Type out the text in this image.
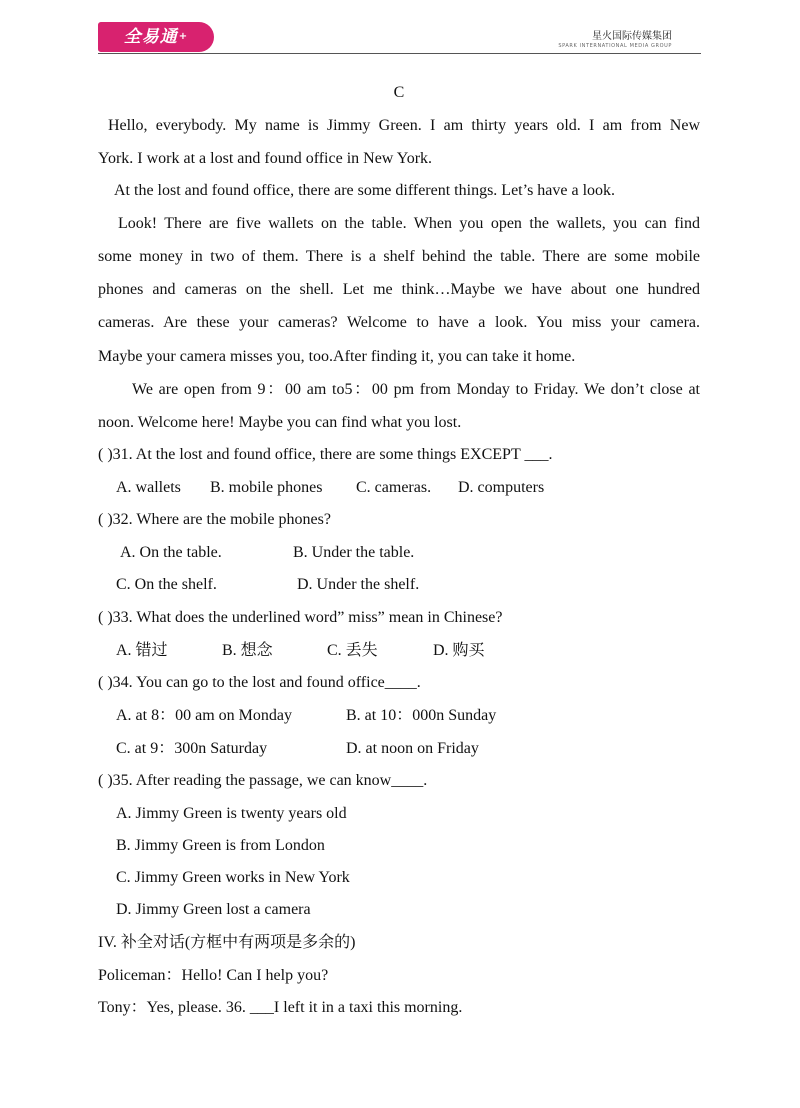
全易通+	星火国际传媒集团
SPARK INTERNATIONAL MEDIA GROUP
C
Hello, everybody. My name is Jimmy Green. I am thirty years old. I am from New
York. I work at a lost and found office in New York.
At the lost and found office, there are some different things. Let’s have a look.
Look! There are five wallets on the table. When you open the wallets, you can find
some money in two of them. There is a shelf behind the table. There are some mobile
phones and cameras on the shell. Let me think…Maybe we have about one hundred
cameras. Are these your cameras? Welcome to have a look. You miss your camera.
Maybe your camera misses you, too.After finding it, you can take it home.
We are open from 9：00 am to5：00 pm from Monday to Friday. We don’t close at
noon. Welcome here! Maybe you can find what you lost.
( )31. At the lost and found office, there are some things EXCEPT ___.
A. wallets B. mobile phones C. cameras. D. computers
( )32. Where are the mobile phones?
A. On the table.	B. Under the table.
C. On the shelf.	D. Under the shelf.
( )33. What does the underlined word” miss” mean in Chinese?
A. 错过	B. 想念	C. 丢失	D. 购买
( )34. You can go to the lost and found office____.
A. at 8：00 am on Monday	B. at 10：000n Sunday
C. at 9：300n Saturday	D. at noon on Friday
( )35. After reading the passage, we can know____.
A. Jimmy Green is twenty years old
B. Jimmy Green is from London
C. Jimmy Green works in New York
D. Jimmy Green lost a camera
IV. 补全对话(方框中有两项是多余的)
Policeman：Hello! Can I help you?
Tony：Yes, please. 36. ___I left it in a taxi this morning.
